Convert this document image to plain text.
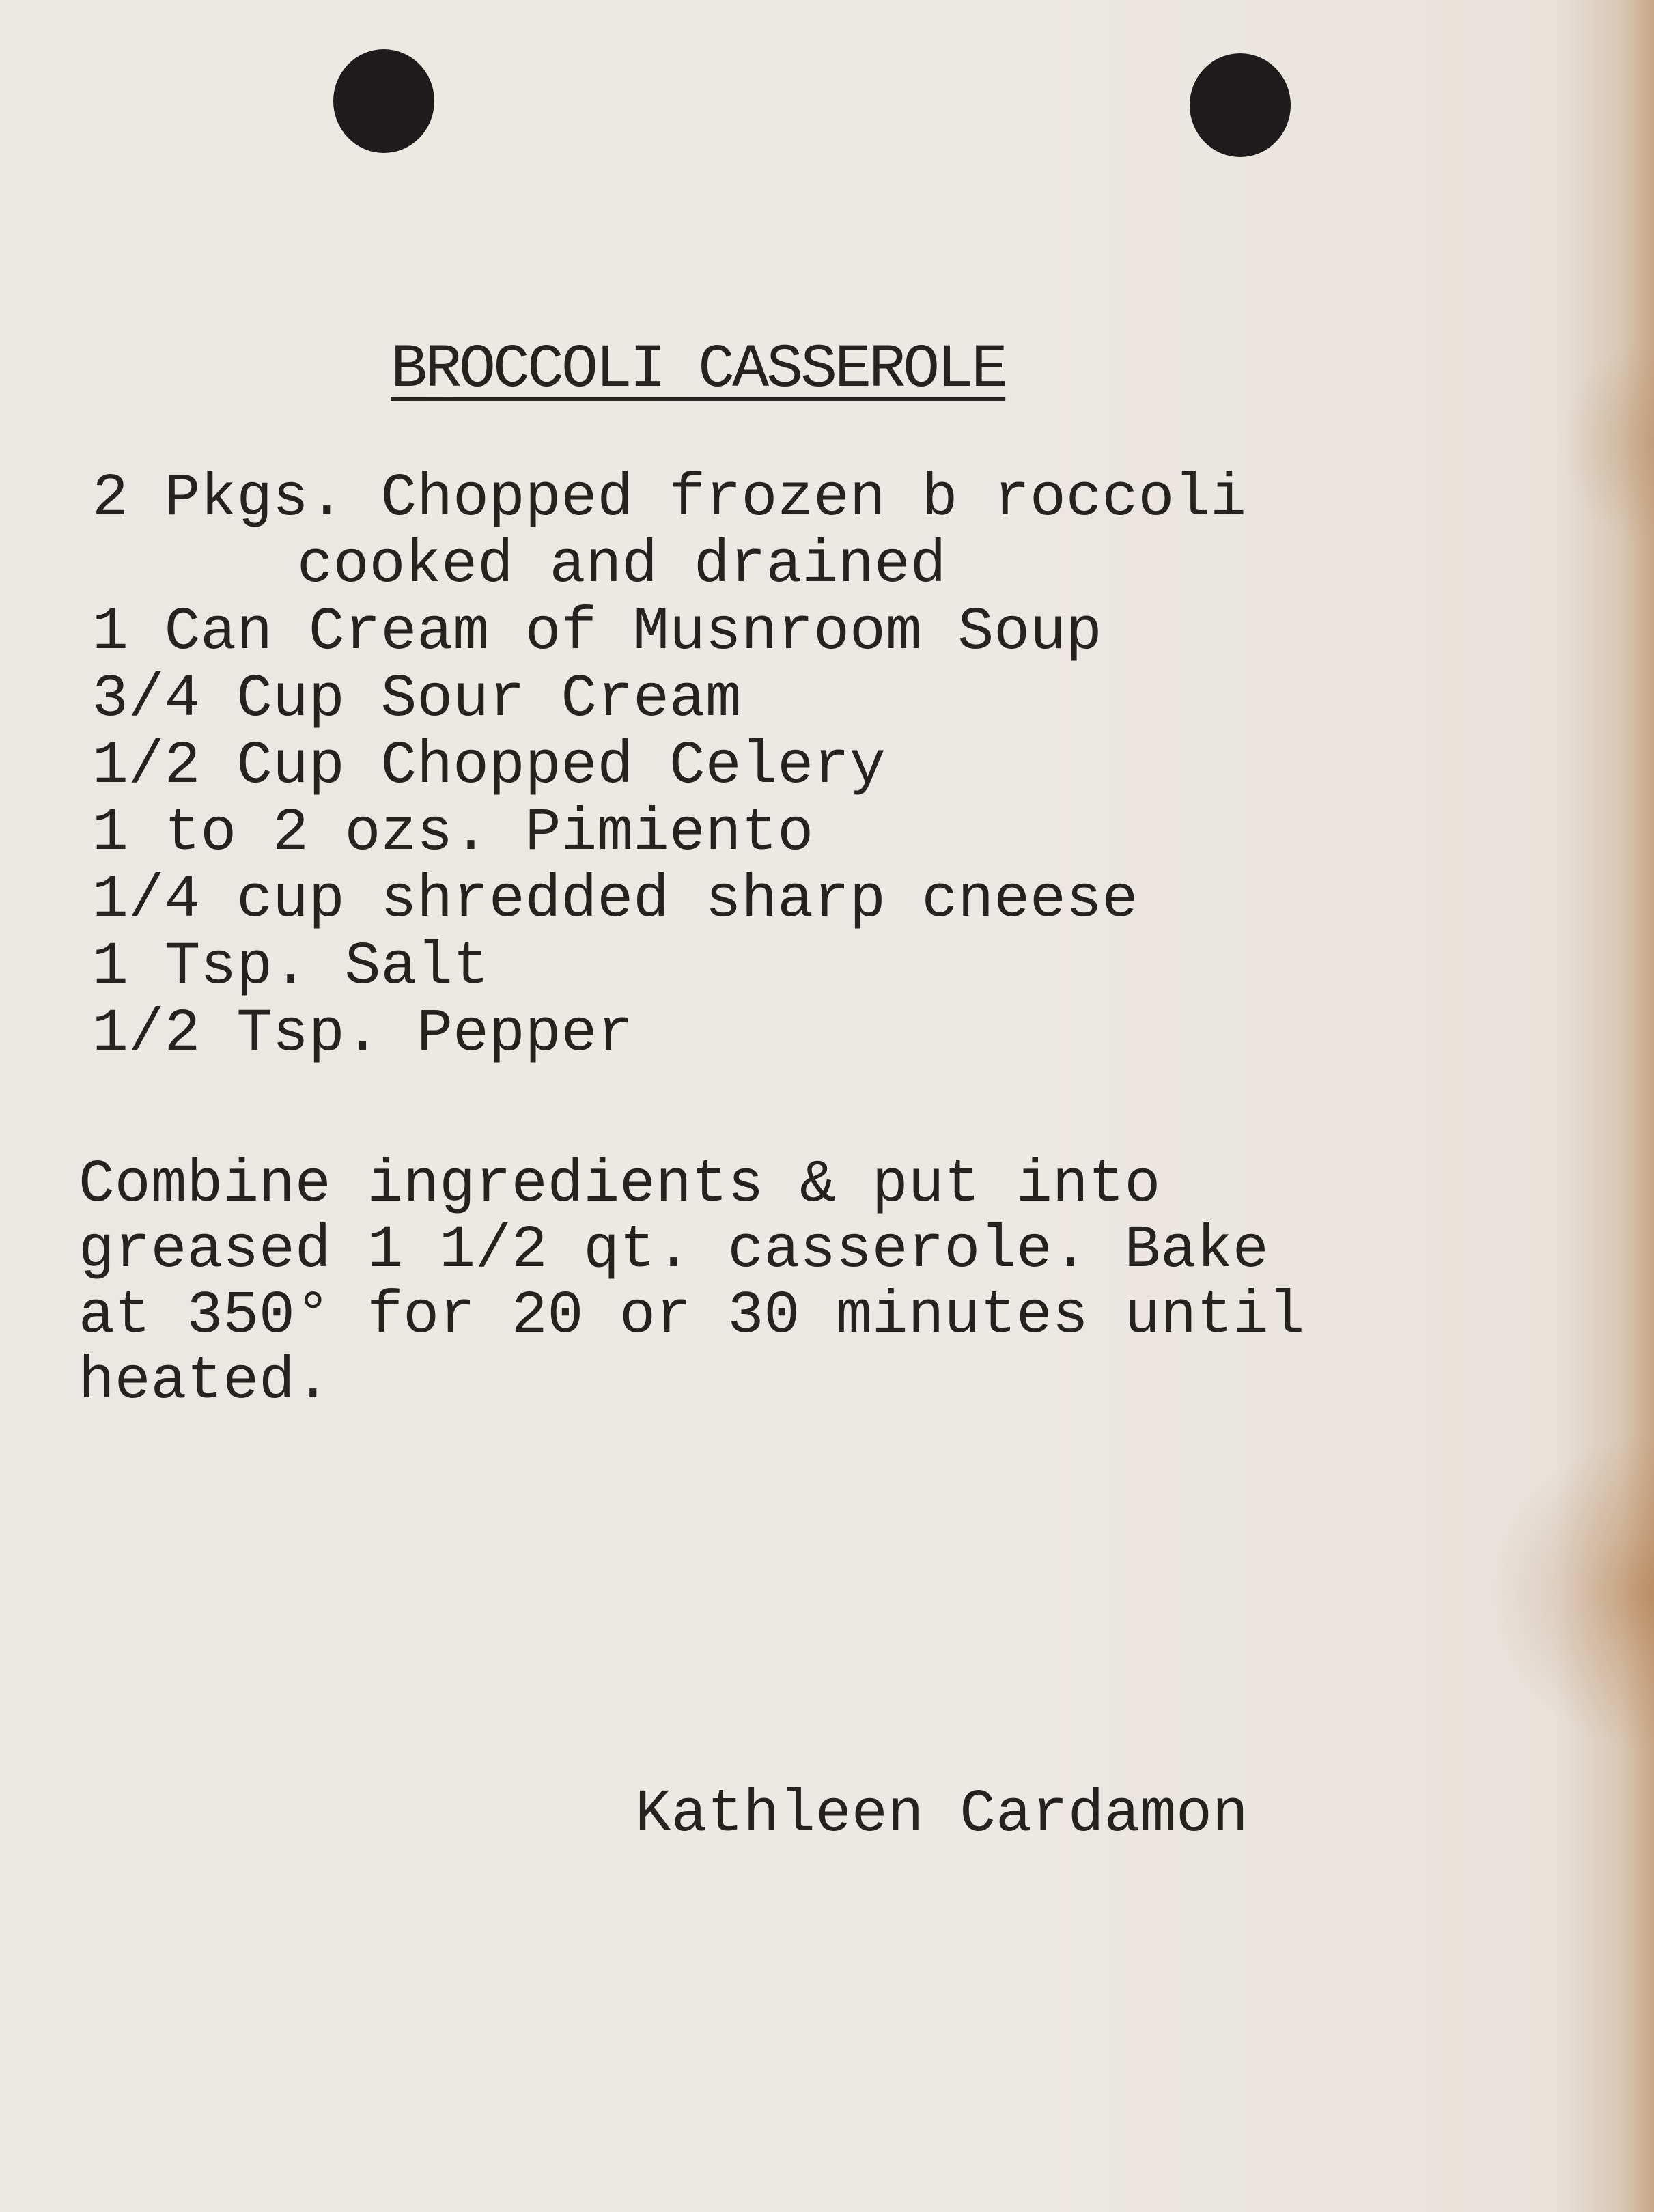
BROCCOLI CASSEROLE
2 Pkgs. Chopped frozen b roccoli
cooked and drained
1 Can Cream of Musnroom Soup
3/4 Cup Sour Cream
1/2 Cup Chopped Celery
1 to 2 ozs. Pimiento
1/4 cup shredded sharp cneese
1 Tsp. Salt
1/2 Tsp. Pepper
Combine ingredients & put into
greased 1 1/2 qt. casserole. Bake
at 350° for 20 or 30 minutes until
heated.
Kathleen Cardamon
